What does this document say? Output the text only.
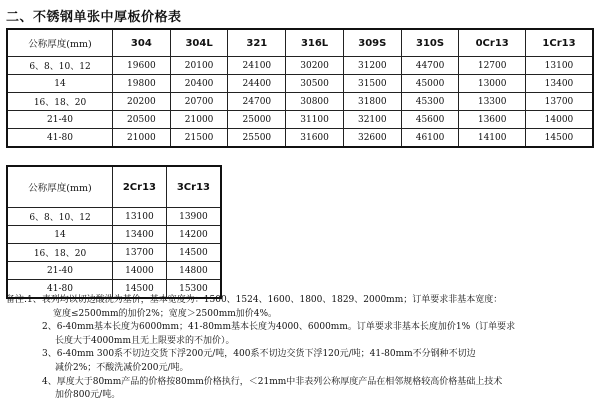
二、不锈钢单张中厚板价格表
公称厚度(mm)	304	304L	321	316L	309S	310S	0Cr13	1Cr13
6、8、10、12	19600	20100	24100	30200	31200	44700	12700	13100
14	19800	20400	24400	30500	31500	45000	13000	13400
16、18、20	20200	20700	24700	30800	31800	45300	13300	13700
21-40	20500	21000	25000	31100	32100	45600	13600	14000
41-80	21000	21500	25500	31600	32600	46100	14100	14500
公称厚度(mm)	2Cr13	3Cr13
6、8、10、12	13100	13900
14	13400	14200
16、18、20	13700	14500
21-40	14000	14800
41-80	14500	15300
备注:1、表列均以切边酸洗为基价，基本宽度为：1500、1524、1600、1800、1829、2000mm；订单要求非基本宽度：
宽度≤2500mm的加价2%；宽度＞2500mm加价4%。
2、6-40mm基本长度为6000mm；41-80mm基本长度为4000、6000mm。订单要求非基本长度加价1%（订单要求
长度大于4000mm且无上限要求的不加价）。
3、6-40mm 300系不切边交货下浮200元/吨，400系不切边交货下浮120元/吨；41-80mm不分钢种不切边
减价2%；不酸洗减价200元/吨。
4、厚度大于80mm产品的价格按80mm价格执行，＜21mm中非表列公称厚度产品在相邻规格较高价格基础上技术
加价800元/吨。
